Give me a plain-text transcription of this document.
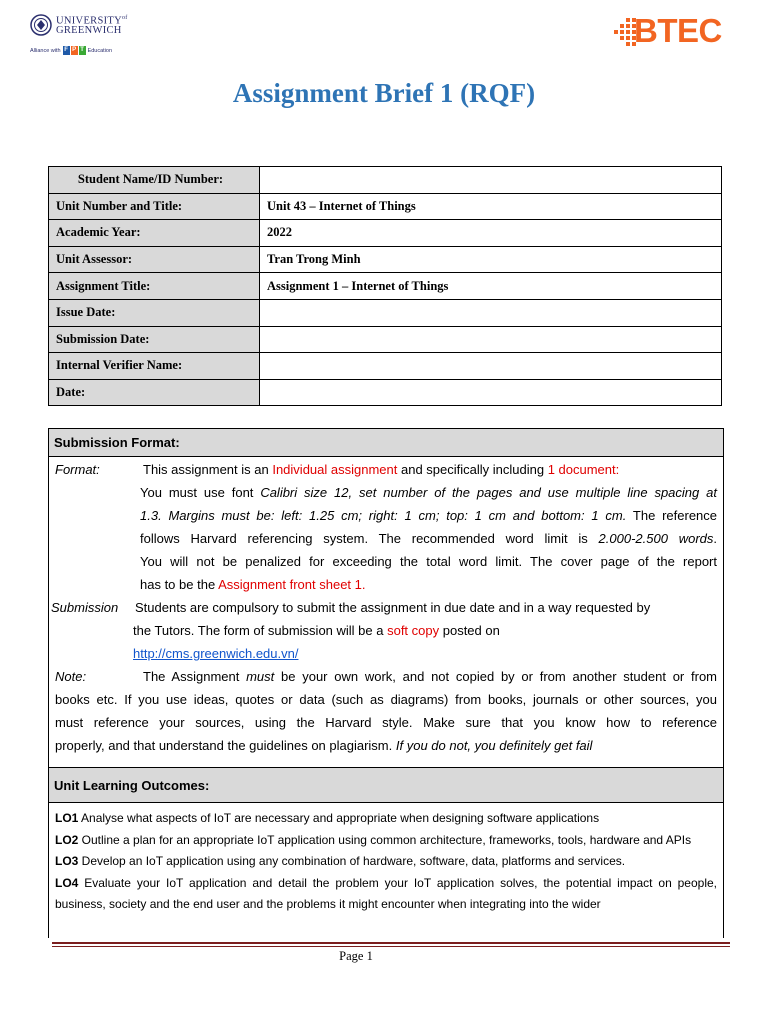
$UNIVERSITY^{of}$
GREENWICH
Alliance with F P T Education
BTEC
Assignment Brief 1 (RQF)
Student Name/ID Number:	
Unit Number and Title:	Unit 43 – Internet of Things
Academic Year:	2022
Unit Assessor:	Tran Trong Minh
Assignment Title:	Assignment 1 – Internet of Things
Issue Date:	
Submission Date:	
Internal Verifier Name:	
Date:	
Submission Format:
Format:	This assignment is an Individual assignment and specifically including 1 document:
You must use font Calibri size 12, set number of the pages and use multiple line spacing at
1.3. Margins must be: left: 1.25 cm; right: 1 cm; top: 1 cm and bottom: 1 cm. The reference
follows Harvard referencing system. The recommended word limit is 2.000-2.500 words.
You will not be penalized for exceeding the total word limit. The cover page of the report
has to be the Assignment front sheet 1.
Submission Students are compulsory to submit the assignment in due date and in a way requested by
the Tutors. The form of submission will be a soft copy posted on
http://cms.greenwich.edu.vn/
Note:	The Assignment must be your own work, and not copied by or from another student or from
books etc. If you use ideas, quotes or data (such as diagrams) from books, journals or other sources, you
must reference your sources, using the Harvard style. Make sure that you know how to reference
properly, and that understand the guidelines on plagiarism. If you do not, you definitely get fail
Unit Learning Outcomes:

LO1 Analyse what aspects of IoT are necessary and appropriate when designing software applications

LO2 Outline a plan for an appropriate IoT application using common architecture, frameworks, tools, hardware and APIs

LO3 Develop an IoT application using any combination of hardware, software, data, platforms and services.

LO4 Evaluate your IoT application and detail the problem your IoT application solves, the potential impact on people, business, society and the end user and the problems it might encounter when integrating into the wider

Page 1
